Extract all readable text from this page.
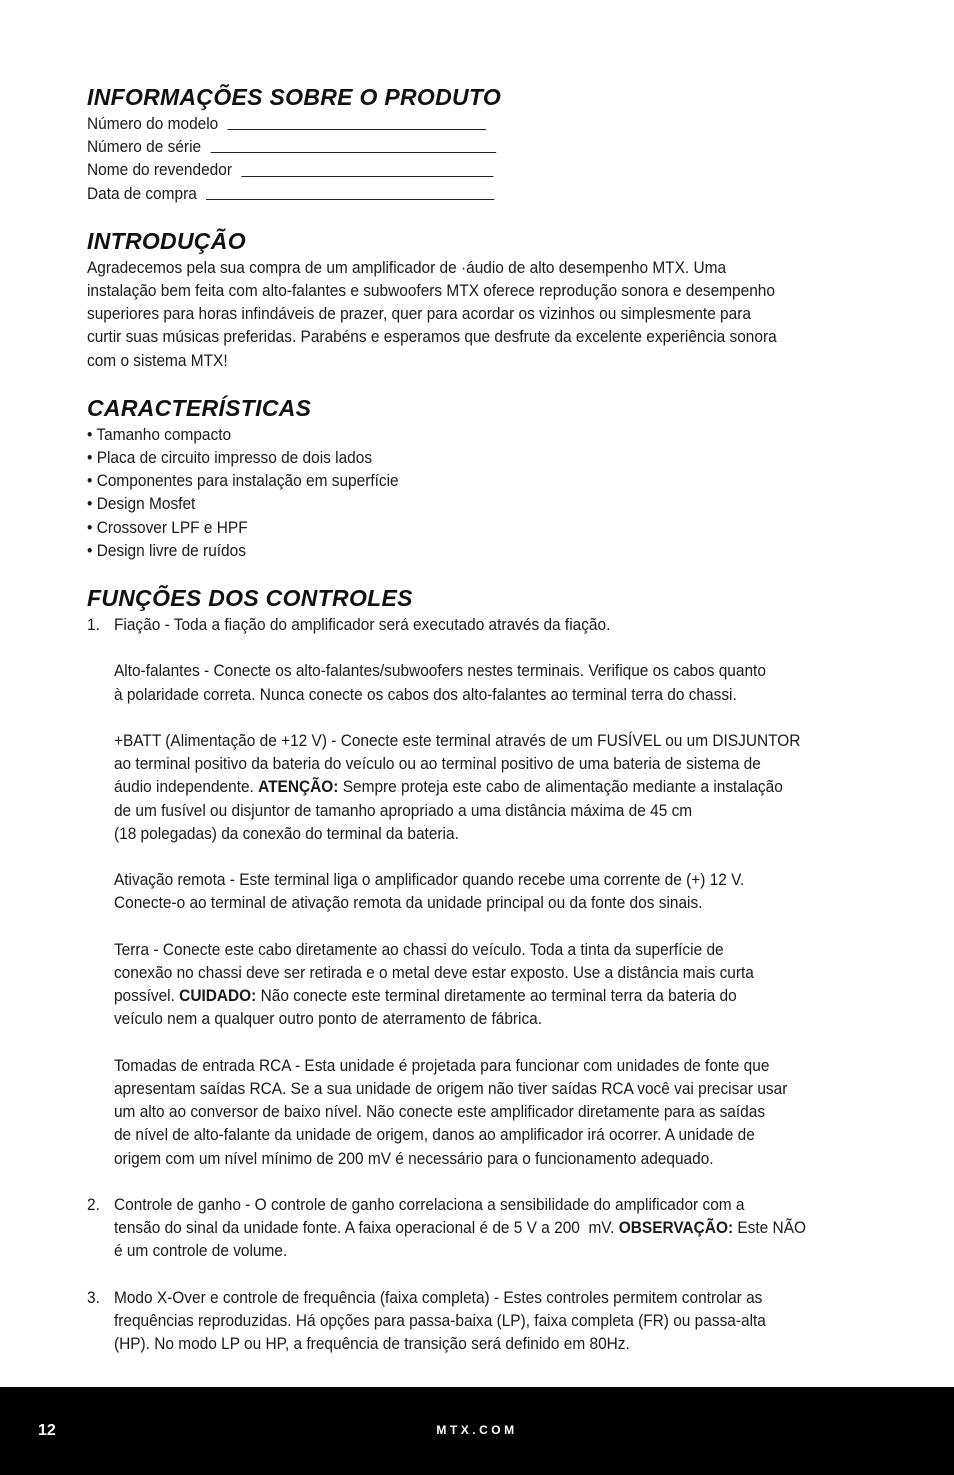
INFORMAÇÕES SOBRE O PRODUTO
Número do modelo
Número de série
Nome do revendedor
Data de compra
INTRODUÇÃO
Agradecemos pela sua compra de um amplificador de ·áudio de alto desempenho MTX. Uma
instalação bem feita com alto-falantes e subwoofers MTX oferece reprodução sonora e desempenho
superiores para horas infindáveis de prazer, quer para acordar os vizinhos ou simplesmente para
curtir suas músicas preferidas. Parabéns e esperamos que desfrute da excelente experiência sonora
com o sistema MTX!
CARACTERÍSTICAS
• Tamanho compacto
• Placa de circuito impresso de dois lados
• Componentes para instalação em superfície
• Design Mosfet
• Crossover LPF e HPF
• Design livre de ruídos
FUNÇÕES DOS CONTROLES
1. Fiação - Toda a fiação do amplificador será executado através da fiação.
Alto-falantes - Conecte os alto-falantes/subwoofers nestes terminais. Verifique os cabos quanto
à polaridade correta. Nunca conecte os cabos dos alto-falantes ao terminal terra do chassi.
+BATT (Alimentação de +12 V) - Conecte este terminal através de um FUSÍVEL ou um DISJUNTOR
ao terminal positivo da bateria do veículo ou ao terminal positivo de uma bateria de sistema de
áudio independente. ATENÇÃO: Sempre proteja este cabo de alimentação mediante a instalação
de um fusível ou disjuntor de tamanho apropriado a uma distância máxima de 45 cm
(18 polegadas) da conexão do terminal da bateria.
Ativação remota - Este terminal liga o amplificador quando recebe uma corrente de (+) 12 V.
Conecte-o ao terminal de ativação remota da unidade principal ou da fonte dos sinais.
Terra - Conecte este cabo diretamente ao chassi do veículo. Toda a tinta da superfície de
conexão no chassi deve ser retirada e o metal deve estar exposto. Use a distância mais curta
possível. CUIDADO: Não conecte este terminal diretamente ao terminal terra da bateria do
veículo nem a qualquer outro ponto de aterramento de fábrica.
Tomadas de entrada RCA - Esta unidade é projetada para funcionar com unidades de fonte que
apresentam saídas RCA. Se a sua unidade de origem não tiver saídas RCA você vai precisar usar
um alto ao conversor de baixo nível. Não conecte este amplificador diretamente para as saídas
de nível de alto-falante da unidade de origem, danos ao amplificador irá ocorrer. A unidade de
origem com um nível mínimo de 200 mV é necessário para o funcionamento adequado.
2. Controle de ganho - O controle de ganho correlaciona a sensibilidade do amplificador com a
tensão do sinal da unidade fonte. A faixa operacional é de 5 V a 200  mV. OBSERVAÇÃO: Este NÃO
é um controle de volume.
3. Modo X-Over e controle de frequência (faixa completa) - Estes controles permitem controlar as
frequências reproduzidas. Há opções para passa-baixa (LP), faixa completa (FR) ou passa-alta
(HP). No modo LP ou HP, a frequência de transição será definido em 80Hz.
12	MTX.COM
